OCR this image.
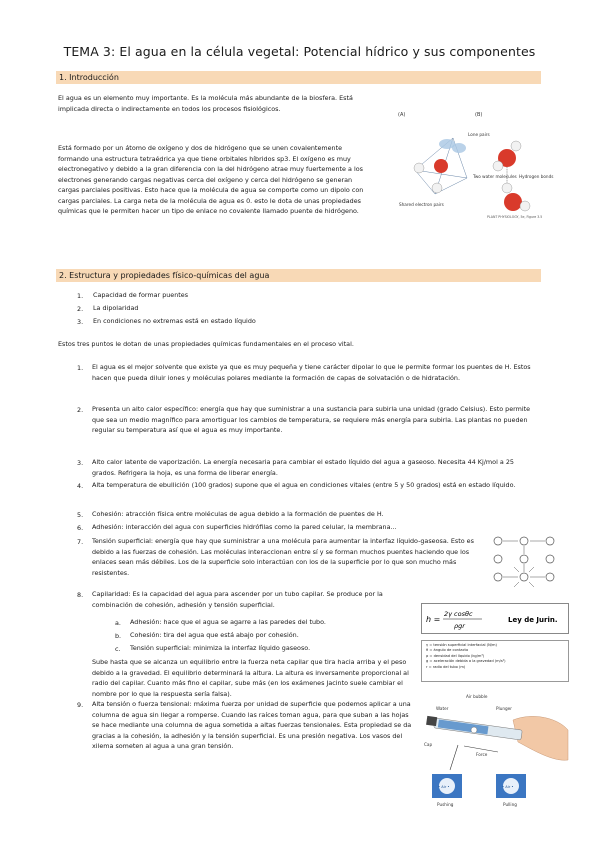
TEMA 3: El agua en la célula vegetal: Potencial hídrico y sus componentes
1. Introducción

El agua es un elemento muy importante. Es la molécula más abundante de la biosfera. Está implicada directa o indirectamente en todos los procesos fisiológicos.

Está formado por un átomo de oxígeno y dos de hidrógeno que se unen covalentemente formando una estructura tetraédrica ya que tiene orbitales híbridos sp3. El oxígeno es muy electronegativo y debido a la gran diferencia con la del hidrógeno atrae muy fuertemente a los electrones generando cargas negativas cerca del oxígeno y cerca del hidrógeno se generan cargas parciales positivas. Esto hace que la molécula de agua se comporte como un dipolo con cargas parciales. La carga neta de la molécula de agua es 0. esto le dota de unas propiedades químicas que le permiten hacer un tipo de enlace no covalente llamado puente de hidrógeno.

(A)	(B)
Lone pairs
Shared electron pairs
Two water molecules Hydrogen bonds
PLANT PHYSIOLOGY, 5e, Figure 3.5
2. Estructura y propiedades físico-químicas del agua
1. Capacidad de formar puentes
2. La dipolaridad
3. En condiciones no extremas está en estado líquido

Estos tres puntos le dotan de unas propiedades químicas fundamentales en el proceso vital.

1. El agua es el mejor solvente que existe ya que es muy pequeña y tiene carácter dipolar lo que le permite formar los puentes de H. Estos hacen que pueda diluir iones y moléculas polares mediante la formación de capas de solvatación o de hidratación.

2. Presenta un alto calor específico: energía que hay que suministrar a una sustancia para subirla una unidad (grado Celsius). Esto permite que sea un medio magnífico para amortiguar los cambios de temperatura, se requiere más energía para subirla. Las plantas no pueden regular su temperatura así que el agua es muy importante.

3. Alto calor latente de vaporización. La energía necesaria para cambiar el estado líquido del agua a gaseoso. Necesita 44 Kj/mol a 25 grados. Refrigera la hoja, es una forma de liberar energía.

4. Alta temperatura de ebullición (100 grados) supone que el agua en condiciones vitales (entre 5 y 50 grados) está en estado líquido.

5. Cohesión: atracción física entre moléculas de agua debido a la formación de puentes de H.

6. Adhesión: interacción del agua con superficies hidrófilas como la pared celular, la membrana...

7. Tensión superficial: energía que hay que suministrar a una molécula para aumentar la interfaz líquido-gaseosa. Esto es debido a las fuerzas de cohesión. Las moléculas interaccionan entre sí y se forman muchos puentes haciendo que los enlaces sean más débiles. Los de la superficie solo interactúan con los de la superficie por lo que son mucho más resistentes.

8. Capilaridad: Es la capacidad del agua para ascender por un tubo capilar. Se produce por la combinación de cohesión, adhesión y tensión superficial.

a. Adhesión: hace que el agua se agarre a las paredes del tubo.
b. Cohesión: tira del agua que está abajo por cohesión.
c. Tensión superficial: minimiza la interfaz líquido gaseoso.

Sube hasta que se alcanza un equilibrio entre la fuerza neta capilar que tira hacia arriba y el peso debido a la gravedad. El equilibrio determinará la altura. La altura es inversamente proporcional al radio del capilar. Cuanto más fino el capilar, sube más (en los exámenes Jacinto suele cambiar el nombre por lo que la respuesta sería falsa).

9. Alta tensión o fuerza tensional: máxima fuerza por unidad de superficie que podemos aplicar a una columna de agua sin llegar a romperse. Cuando las raíces toman agua, para que suban a las hojas se hace mediante una columna de agua sometida a altas fuerzas tensionales. Esta propiedad se da gracias a la cohesión, la adhesión y la tensión superficial. Es una presión negativa. Los vasos del xilema someten al agua a una gran tensión.

h =
2γ cosθc
ρgr
Ley de Jurin.
γ = tensión superficial interfacial (N/m)
θ = ángulo de contacto
ρ = densidad del líquido (kg/m³)
g = aceleración debida a la gravedad (m/s²)
r = radio del tubo (m)
Water
Air bubble
Plunger
Cap
Force
• Air •	• Air •
Pushing	Pulling
